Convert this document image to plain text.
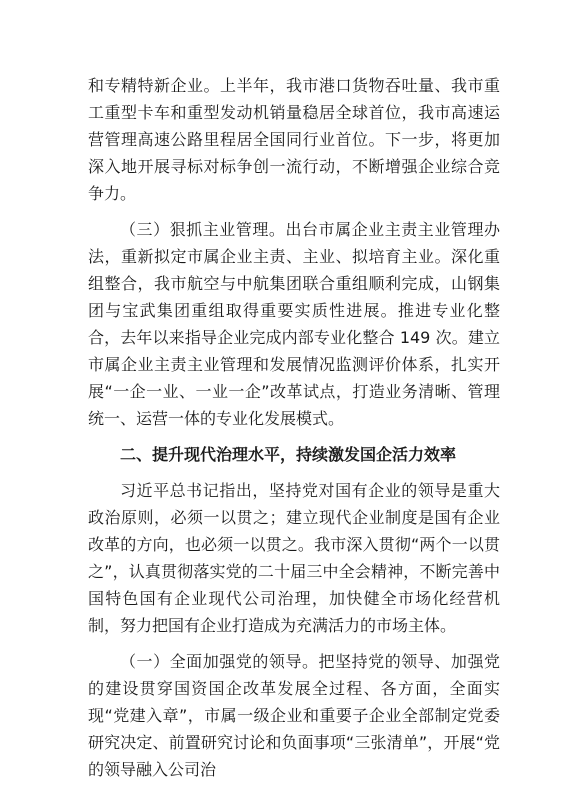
和专精特新企业。上半年，我市港口货物吞吐量、我市重工重型卡车和重型发动机销量稳居全球首位，我市高速运营管理高速公路里程居全国同行业首位。下一步，将更加深入地开展寻标对标争创一流行动，不断增强企业综合竞争力。

（三）狠抓主业管理。出台市属企业主责主业管理办法，重新拟定市属企业主责、主业、拟培育主业。深化重组整合，我市航空与中航集团联合重组顺利完成，山钢集团与宝武集团重组取得重要实质性进展。推进专业化整合，去年以来指导企业完成内部专业化整合 149 次。建立市属企业主责主业管理和发展情况监测评价体系，扎实开展“一企一业、一业一企”改革试点，打造业务清晰、管理统一、运营一体的专业化发展模式。

二、提升现代治理水平，持续激发国企活力效率

习近平总书记指出，坚持党对国有企业的领导是重大政治原则，必须一以贯之；建立现代企业制度是国有企业改革的方向，也必须一以贯之。我市深入贯彻“两个一以贯之”，认真贯彻落实党的二十届三中全会精神，不断完善中国特色国有企业现代公司治理，加快健全市场化经营机制，努力把国有企业打造成为充满活力的市场主体。

（一）全面加强党的领导。把坚持党的领导、加强党的建设贯穿国资国企改革发展全过程、各方面，全面实现“党建入章”，市属一级企业和重要子企业全部制定党委研究决定、前置研究讨论和负面事项“三张清单”，开展“党的领导融入公司治
